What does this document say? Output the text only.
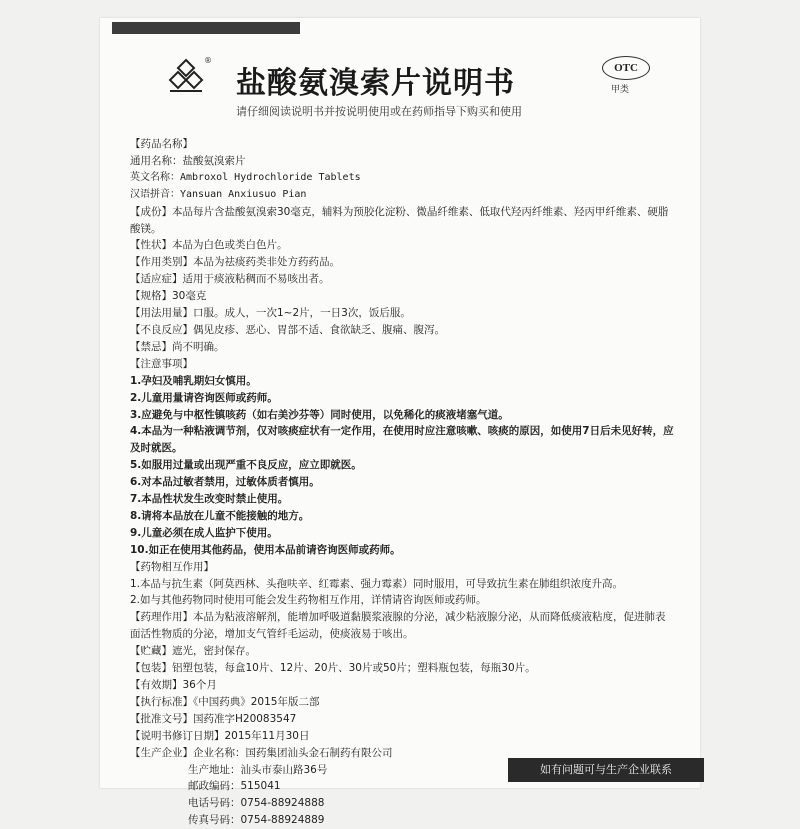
®
盐酸氨溴索片说明书	OTC
甲类
请仔细阅读说明书并按说明使用或在药师指导下购买和使用
【药品名称】
通用名称：盐酸氨溴索片
英文名称：Ambroxol Hydrochloride Tablets
汉语拼音：Yansuan Anxiusuo Pian
【成份】本品每片含盐酸氨溴索30毫克，辅料为预胶化淀粉、微晶纤维素、低取代羟丙纤维素、羟丙甲纤维素、硬脂酸镁。
【性状】本品为白色或类白色片。
【作用类别】本品为祛痰药类非处方药药品。
【适应症】适用于痰液粘稠而不易咳出者。
【规格】30毫克
【用法用量】口服。成人，一次1~2片，一日3次，饭后服。
【不良反应】偶见皮疹、恶心、胃部不适、食欲缺乏、腹痛、腹泻。
【禁忌】尚不明确。
【注意事项】
1.孕妇及哺乳期妇女慎用。
2.儿童用量请咨询医师或药师。
3.应避免与中枢性镇咳药（如右美沙芬等）同时使用，以免稀化的痰液堵塞气道。
4.本品为一种粘液调节剂，仅对咳痰症状有一定作用，在使用时应注意咳嗽、咳痰的原因，如使用7日后未见好转，应及时就医。
5.如服用过量或出现严重不良反应，应立即就医。
6.对本品过敏者禁用，过敏体质者慎用。
7.本品性状发生改变时禁止使用。
8.请将本品放在儿童不能接触的地方。
9.儿童必须在成人监护下使用。
10.如正在使用其他药品，使用本品前请咨询医师或药师。
【药物相互作用】
1.本品与抗生素（阿莫西林、头孢呋辛、红霉素、强力霉素）同时服用，可导致抗生素在肺组织浓度升高。
2.如与其他药物同时使用可能会发生药物相互作用，详情请咨询医师或药师。
【药理作用】本品为粘液溶解剂，能增加呼吸道黏膜浆液腺的分泌，减少粘液腺分泌，从而降低痰液粘度，促进肺表面活性物质的分泌，增加支气管纤毛运动，使痰液易于咳出。
【贮藏】遮光，密封保存。
【包装】铝塑包装，每盒10片、12片、20片、30片或50片；塑料瓶包装，每瓶30片。
【有效期】36个月
【执行标准】《中国药典》2015年版二部
【批准文号】国药准字H20083547
【说明书修订日期】2015年11月30日
【生产企业】企业名称：国药集团汕头金石制药有限公司
生产地址：汕头市泰山路36号
邮政编码：515041
电话号码：0754-88924888
传真号码：0754-88924889
如有问题可与生产企业联系
